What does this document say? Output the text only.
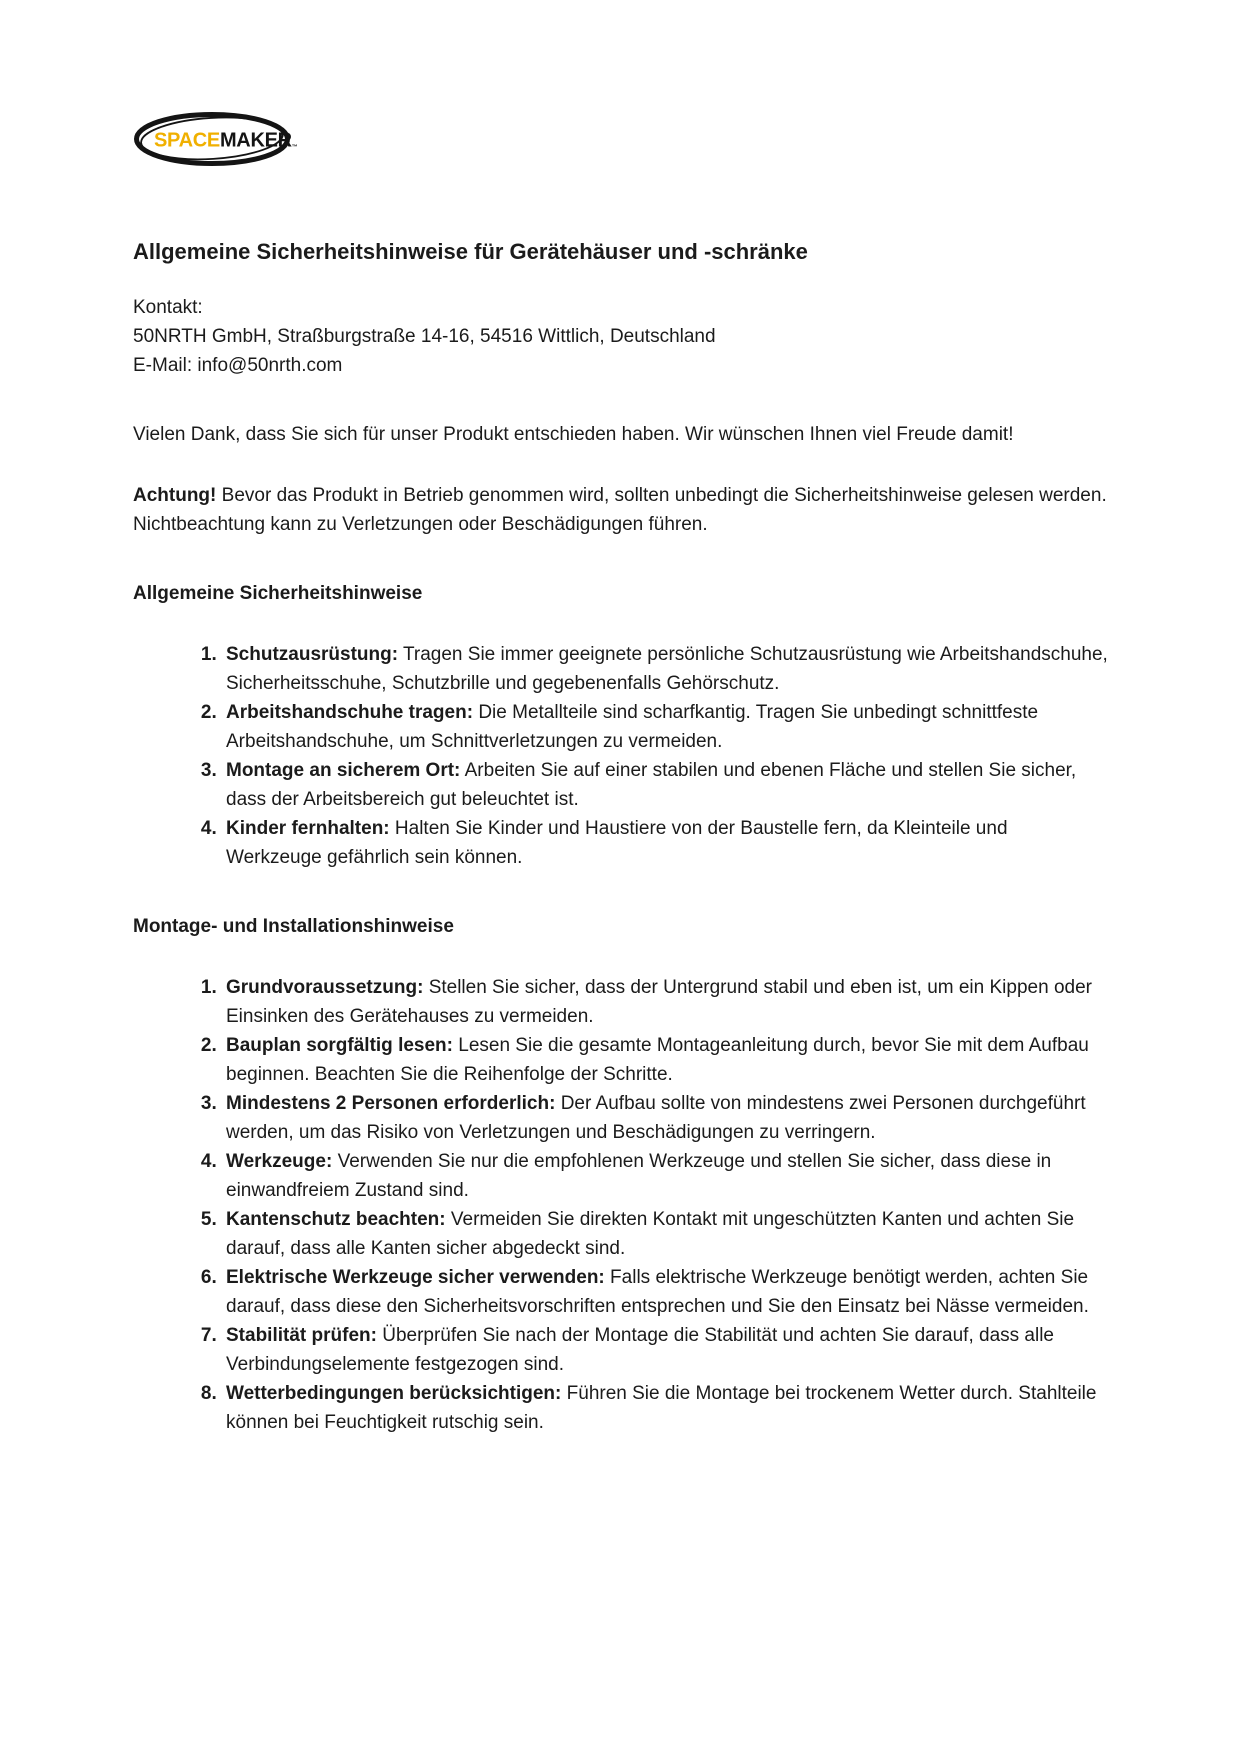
SPACEMAKER™
Allgemeine Sicherheitshinweise für Gerätehäuser und -schränke
Kontakt:
50NRTH GmbH, Straßburgstraße 14-16, 54516 Wittlich, Deutschland
E-Mail: info@50nrth.com

Vielen Dank, dass Sie sich für unser Produkt entschieden haben. Wir wünschen Ihnen viel Freude damit!

Achtung! Bevor das Produkt in Betrieb genommen wird, sollten unbedingt die Sicherheitshinweise gelesen werden. Nichtbeachtung kann zu Verletzungen oder Beschädigungen führen.

Allgemeine Sicherheitshinweise
1. Schutzausrüstung: Tragen Sie immer geeignete persönliche Schutzausrüstung wie Arbeitshandschuhe, Sicherheitsschuhe, Schutzbrille und gegebenenfalls Gehörschutz.
2. Arbeitshandschuhe tragen: Die Metallteile sind scharfkantig. Tragen Sie unbedingt schnittfeste Arbeitshandschuhe, um Schnittverletzungen zu vermeiden.
3. Montage an sicherem Ort: Arbeiten Sie auf einer stabilen und ebenen Fläche und stellen Sie sicher, dass der Arbeitsbereich gut beleuchtet ist.
4. Kinder fernhalten: Halten Sie Kinder und Haustiere von der Baustelle fern, da Kleinteile und Werkzeuge gefährlich sein können.
Montage- und Installationshinweise
1. Grundvoraussetzung: Stellen Sie sicher, dass der Untergrund stabil und eben ist, um ein Kippen oder Einsinken des Gerätehauses zu vermeiden.
2. Bauplan sorgfältig lesen: Lesen Sie die gesamte Montageanleitung durch, bevor Sie mit dem Aufbau beginnen. Beachten Sie die Reihenfolge der Schritte.
3. Mindestens 2 Personen erforderlich: Der Aufbau sollte von mindestens zwei Personen durchgeführt werden, um das Risiko von Verletzungen und Beschädigungen zu verringern.
4. Werkzeuge: Verwenden Sie nur die empfohlenen Werkzeuge und stellen Sie sicher, dass diese in einwandfreiem Zustand sind.
5. Kantenschutz beachten: Vermeiden Sie direkten Kontakt mit ungeschützten Kanten und achten Sie darauf, dass alle Kanten sicher abgedeckt sind.
6. Elektrische Werkzeuge sicher verwenden: Falls elektrische Werkzeuge benötigt werden, achten Sie darauf, dass diese den Sicherheitsvorschriften entsprechen und Sie den Einsatz bei Nässe vermeiden.
7. Stabilität prüfen: Überprüfen Sie nach der Montage die Stabilität und achten Sie darauf, dass alle Verbindungselemente festgezogen sind.
8. Wetterbedingungen berücksichtigen: Führen Sie die Montage bei trockenem Wetter durch. Stahlteile können bei Feuchtigkeit rutschig sein.
